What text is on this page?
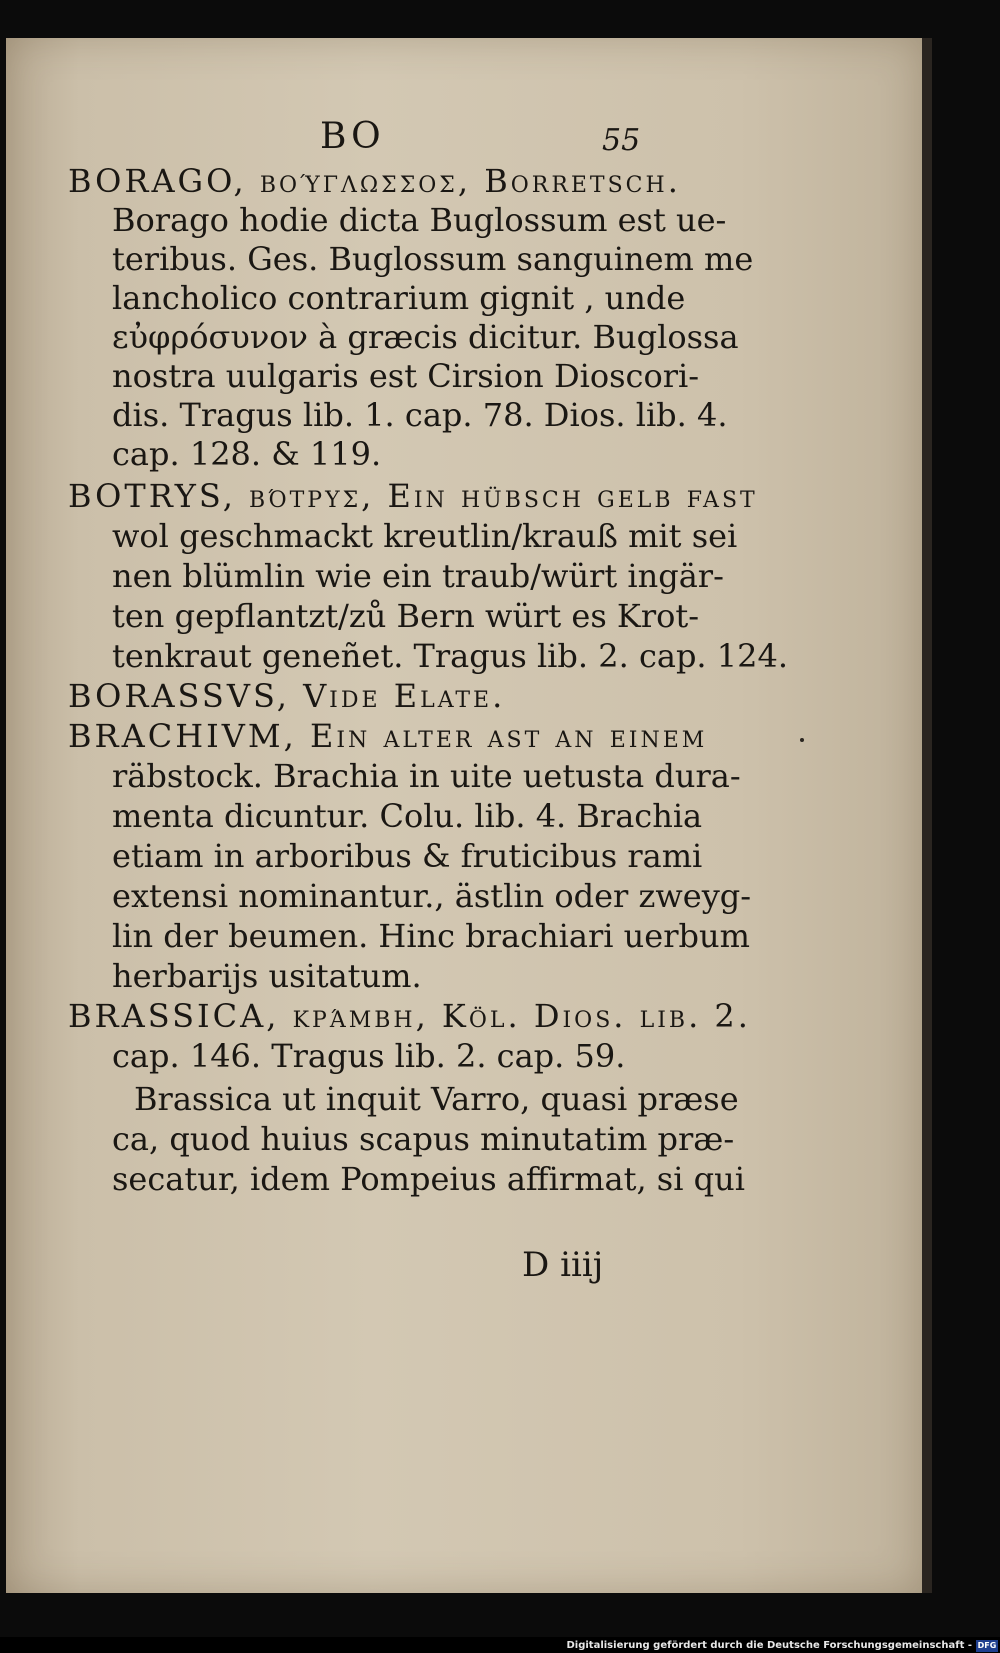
BO	55
BORAGO, βούγλωσσος, Borretsch.
Borago hodie dicta Buglossum est ue‑
teribus. Ges. Buglossum sanguinem me
lancholico contrarium gignit , unde
εὐφρόσυνον à græcis dicitur. Buglossa
nostra uulgaris est Cirsion Dioscori‑
dis. Tragus lib. 1. cap. 78. Dios. lib. 4.
cap. 128. & 119.
BOTRYS, βότρυς, Ein hübsch gelb fast
wol geschmackt kreutlin/krauß mit sei
nen blümlin wie ein traub/würt ingär‑
ten gepflantzt/zů Bern würt es Krot‑
tenkraut geneñet. Tragus lib. 2. cap. 124.
BORASSVS, Vide Elate.
BRACHIVM, Ein alter ast an einem
räbstock. Brachia in uite uetusta dura‑
menta dicuntur. Colu. lib. 4. Brachia
etiam in arboribus & fruticibus rami
extensi nominantur., ästlin oder zweyg‑
lin der beumen. Hinc brachiari uerbum
herbarijs usitatum.
BRASSICA, κράμβη, Köl. Dios. lib. 2.
cap. 146. Tragus lib. 2. cap. 59.
Brassica ut inquit Varro, quasi præse
ca, quod huius scapus minutatim præ‑
secatur, idem Pompeius affirmat, si qui
D iiij
Digitalisierung gefördert durch die Deutsche Forschungsgemeinschaft - DFG
